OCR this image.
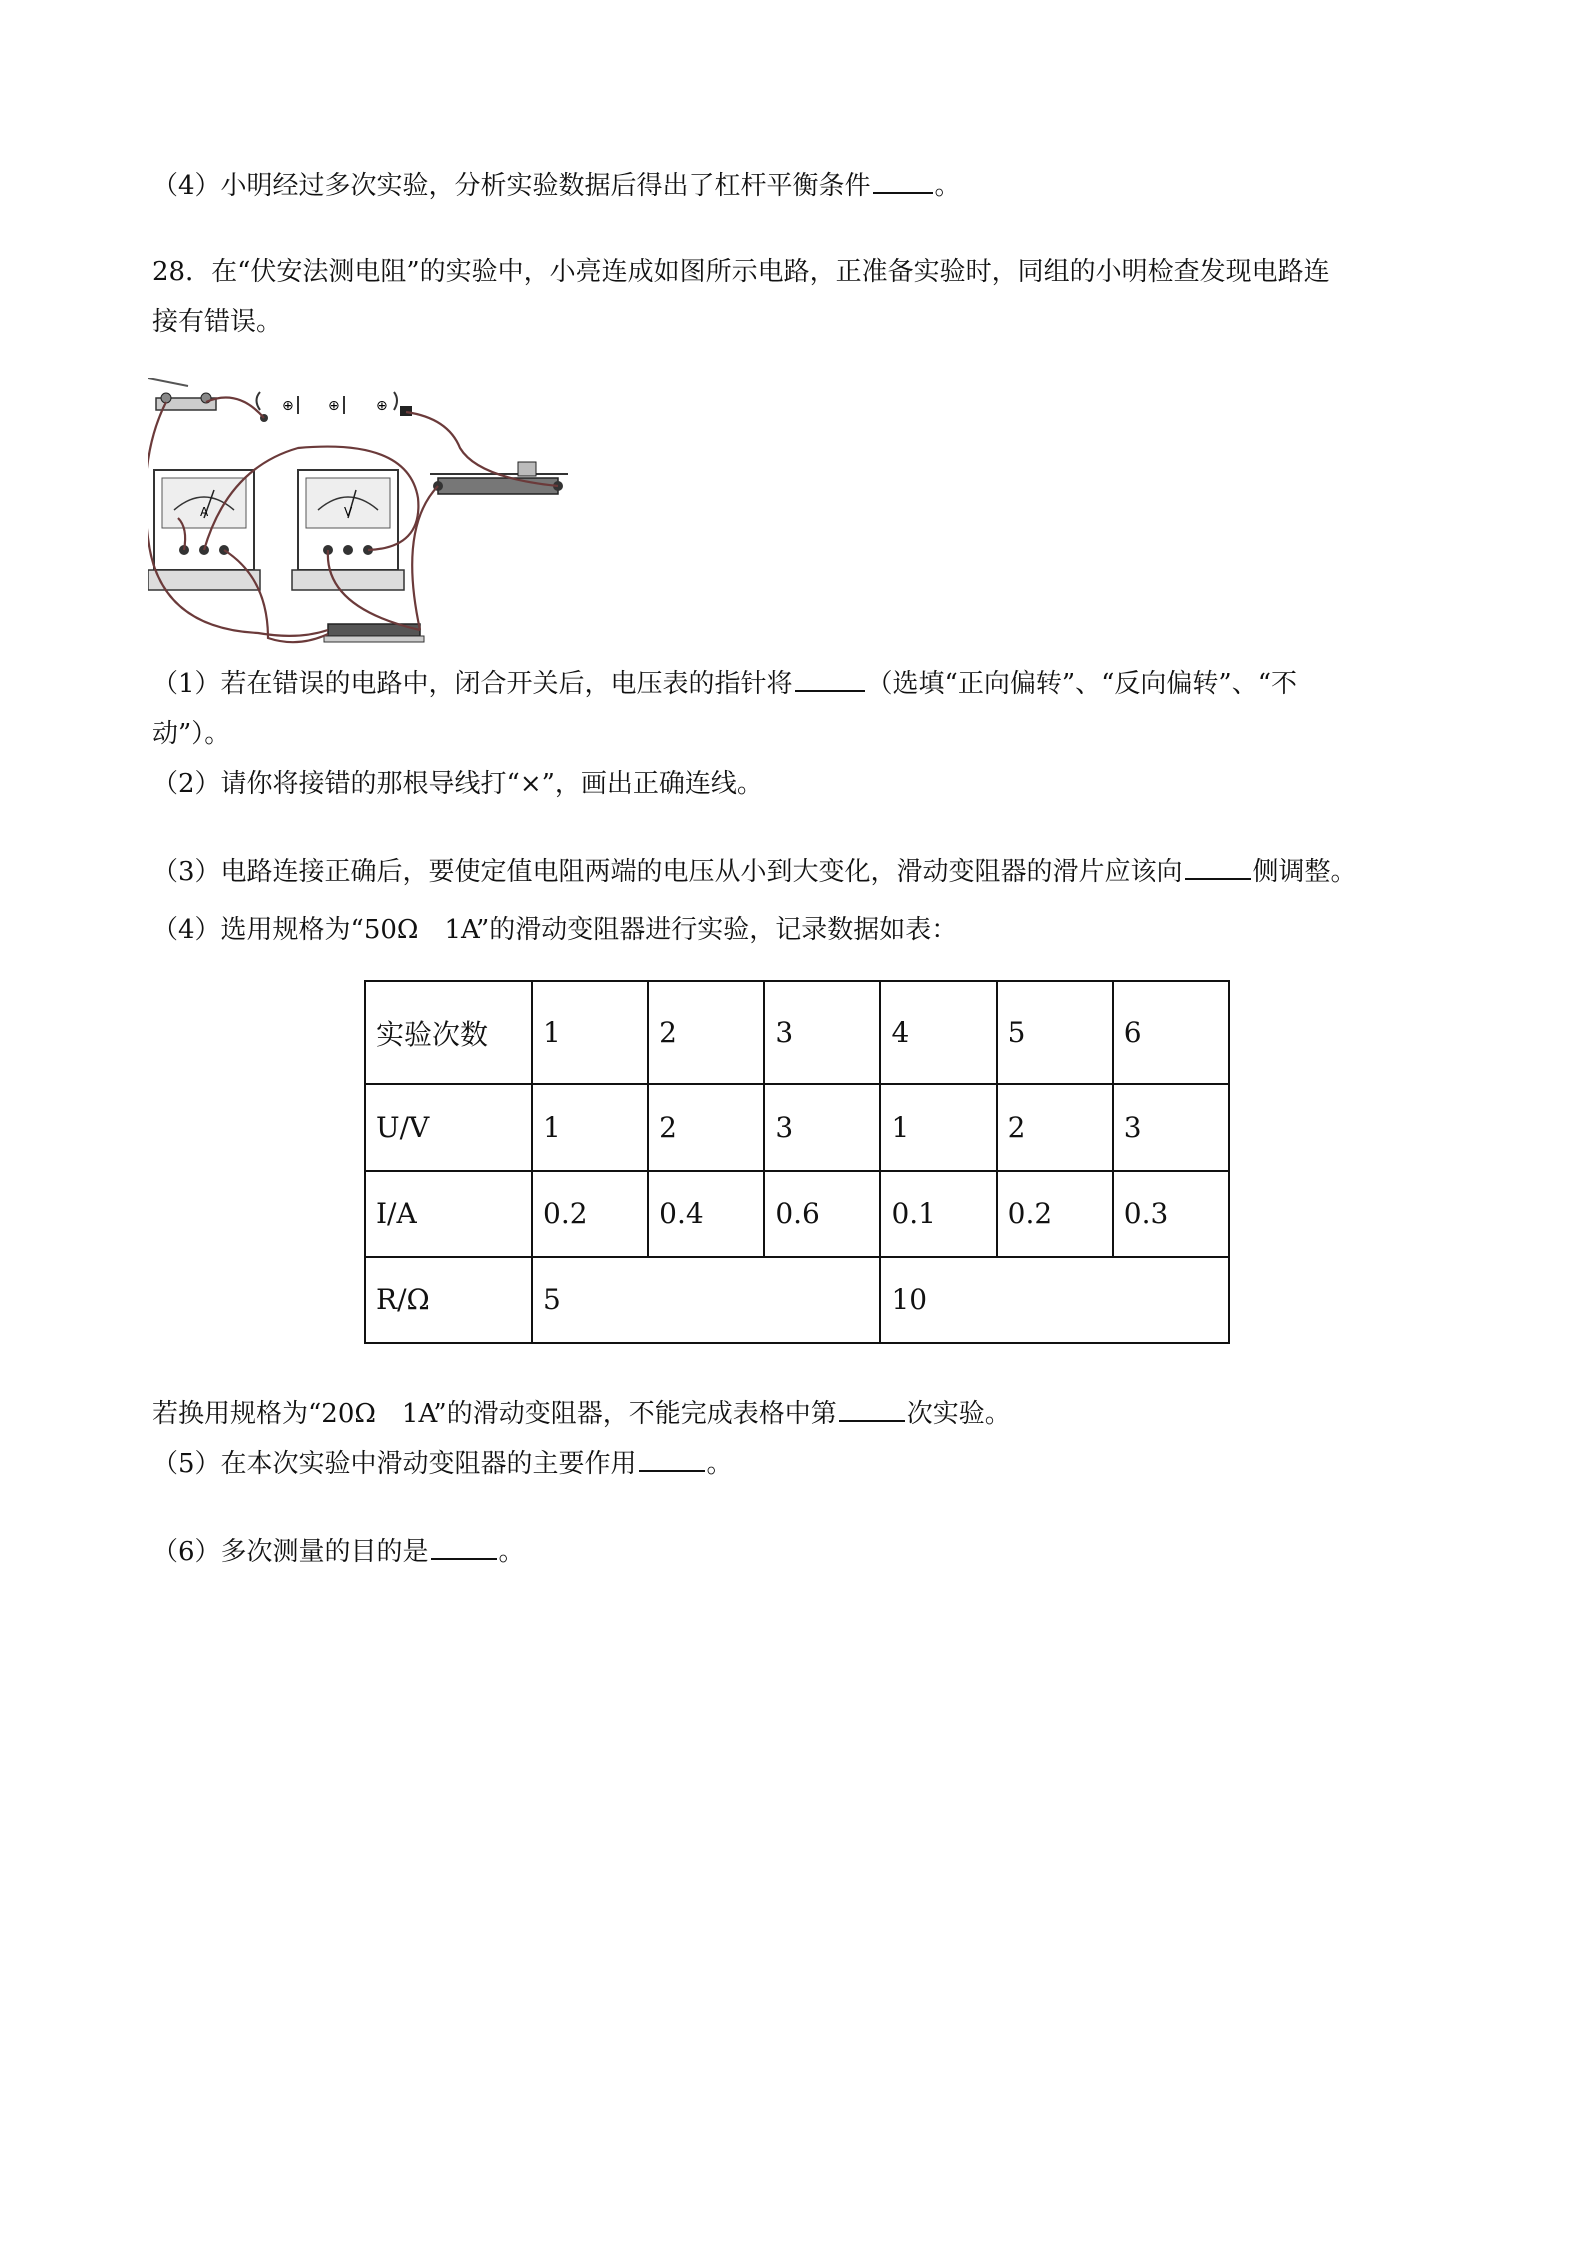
（4）小明经过多次实验，分析实验数据后得出了杠杆平衡条件 。
28．在“伏安法测电阻”的实验中，小亮连成如图所示电路，正准备实验时，同组的小明检查发现电路连
接有错误。
⊕ ⊕	⊕
A	V
（1）若在错误的电路中，闭合开关后，电压表的指针将	（选填“正向偏转”、“反向偏转”、“不
动”）。
（2）请你将接错的那根导线打“×”，画出正确连线。
（3）电路连接正确后，要使定值电阻两端的电压从小到大变化，滑动变阻器的滑片应该向	侧调整。
（4）选用规格为“50Ω　1A”的滑动变阻器进行实验，记录数据如表：
实验次数	1	2	3	4	5	6
U/V	1	2	3	1	2	3
I/A	0.2	0.4	0.6	0.1	0.2	0.3
R/Ω	5			10		
若换用规格为“20Ω　1A”的滑动变阻器，不能完成表格中第	次实验。
（5）在本次实验中滑动变阻器的主要作用	。
（6）多次测量的目的是	。
